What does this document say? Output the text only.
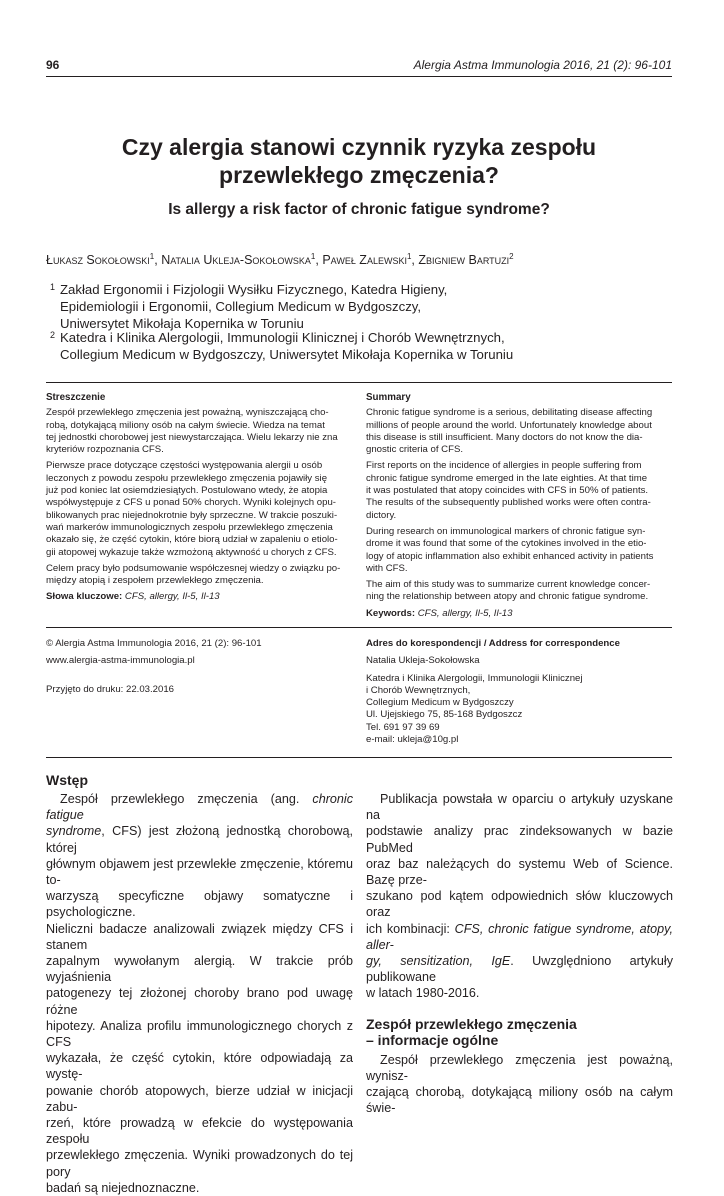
96	Alergia Astma Immunologia 2016, 21 (2): 96-101
Czy alergia stanowi czynnik ryzyka zespołu
przewlekłego zmęczenia?
Is allergy a risk factor of chronic fatigue syndrome?
Łukasz Sokołowski$^1$, Natalia Ukleja-Sokołowska$^1$, Paweł Zalewski$^1$, Zbigniew Bartuzi$^2$
1 Zakład Ergonomii i Fizjologii Wysiłku Fizycznego, Katedra Higieny,
Epidemiologii i Ergonomii, Collegium Medicum w Bydgoszczy,
Uniwersytet Mikołaja Kopernika w Toruniu
2 Katedra i Klinika Alergologii, Immunologii Klinicznej i Chorób Wewnętrznych,
Collegium Medicum w Bydgoszczy, Uniwersytet Mikołaja Kopernika w Toruniu
Streszczenie

Zespół przewlekłego zmęczenia jest poważną, wyniszczającą cho-
robą, dotykającą miliony osób na całym świecie. Wiedza na temat
tej jednostki chorobowej jest niewystarczająca. Wielu lekarzy nie zna
kryteriów rozpoznania CFS.

Pierwsze prace dotyczące częstości występowania alergii u osób
leczonych z powodu zespołu przewlekłego zmęczenia pojawiły się
już pod koniec lat osiemdziesiątych. Postulowano wtedy, że atopia
współwystępuje z CFS u ponad 50% chorych. Wyniki kolejnych opu-
blikowanych prac niejednokrotnie były sprzeczne. W trakcie poszuki-
wań markerów immunologicznych zespołu przewlekłego zmęczenia
okazało się, że część cytokin, które biorą udział w zapaleniu o etiolo-
gii atopowej wykazuje także wzmożoną aktywność u chorych z CFS.

Celem pracy było podsumowanie współczesnej wiedzy o związku po-
między atopią i zespołem przewlekłego zmęczenia.

Słowa kluczowe: CFS, allergy, Il-5, Il-13

Summary

Chronic fatigue syndrome is a serious, debilitating disease affecting
millions of people around the world. Unfortunately knowledge about
this disease is still insufficient. Many doctors do not know the dia-
gnostic criteria of CFS.

First reports on the incidence of allergies in people suffering from
chronic fatigue syndrome emerged in the late eighties. At that time
it was postulated that atopy coincides with CFS in 50% of patients.
The results of the subsequently published works were often contra-
dictory.

During research on immunological markers of chronic fatigue syn-
drome it was found that some of the cytokines involved in the etio-
logy of atopic inflammation also exhibit enhanced activity in patients
with CFS.

The aim of this study was to summarize current knowledge concer-
ning the relationship between atopy and chronic fatigue syndrome.

Keywords: CFS, allergy, Il-5, Il-13

© Alergia Astma Immunologia 2016, 21 (2): 96-101
www.alergia-astma-immunologia.pl
Przyjęto do druku: 22.03.2016
Adres do korespondencji / Address for correspondence
Natalia Ukleja-Sokołowska
Katedra i Klinika Alergologii, Immunologii Klinicznej
i Chorób Wewnętrznych,
Collegium Medicum w Bydgoszczy
Ul. Ujejskiego 75, 85-168 Bydgoszcz
Tel. 691 97 39 69
e-mail: ukleja@10g.pl
Wstęp

Zespół przewlekłego zmęczenia (ang. chronic fatigue
syndrome, CFS) jest złożoną jednostką chorobową, której
głównym objawem jest przewlekłe zmęczenie, któremu to-
warzyszą specyficzne objawy somatyczne i psychologiczne.
Nieliczni badacze analizowali związek między CFS i stanem
zapalnym wywołanym alergią. W trakcie prób wyjaśnienia
patogenezy tej złożonej choroby brano pod uwagę różne
hipotezy. Analiza profilu immunologicznego chorych z CFS
wykazała, że część cytokin, które odpowiadają za wystę-
powanie chorób atopowych, bierze udział w inicjacji zabu-
rzeń, które prowadzą w efekcie do występowania zespołu
przewlekłego zmęczenia. Wyniki prowadzonych do tej pory
badań są niejednoznaczne.

Publikacja powstała w oparciu o artykuły uzyskane na
podstawie analizy prac zindeksowanych w bazie PubMed
oraz baz należących do systemu Web of Science. Bazę prze-
szukano pod kątem odpowiednich słów kluczowych oraz
ich kombinacji: CFS, chronic fatigue syndrome, atopy, aller-
gy, sensitization, IgE. Uwzględniono artykuły publikowane
w latach 1980-2016.

Zespół przewlekłego zmęczenia
– informacje ogólne

Zespół przewlekłego zmęczenia jest poważną, wynisz-
czającą chorobą, dotykającą miliony osób na całym świe-
